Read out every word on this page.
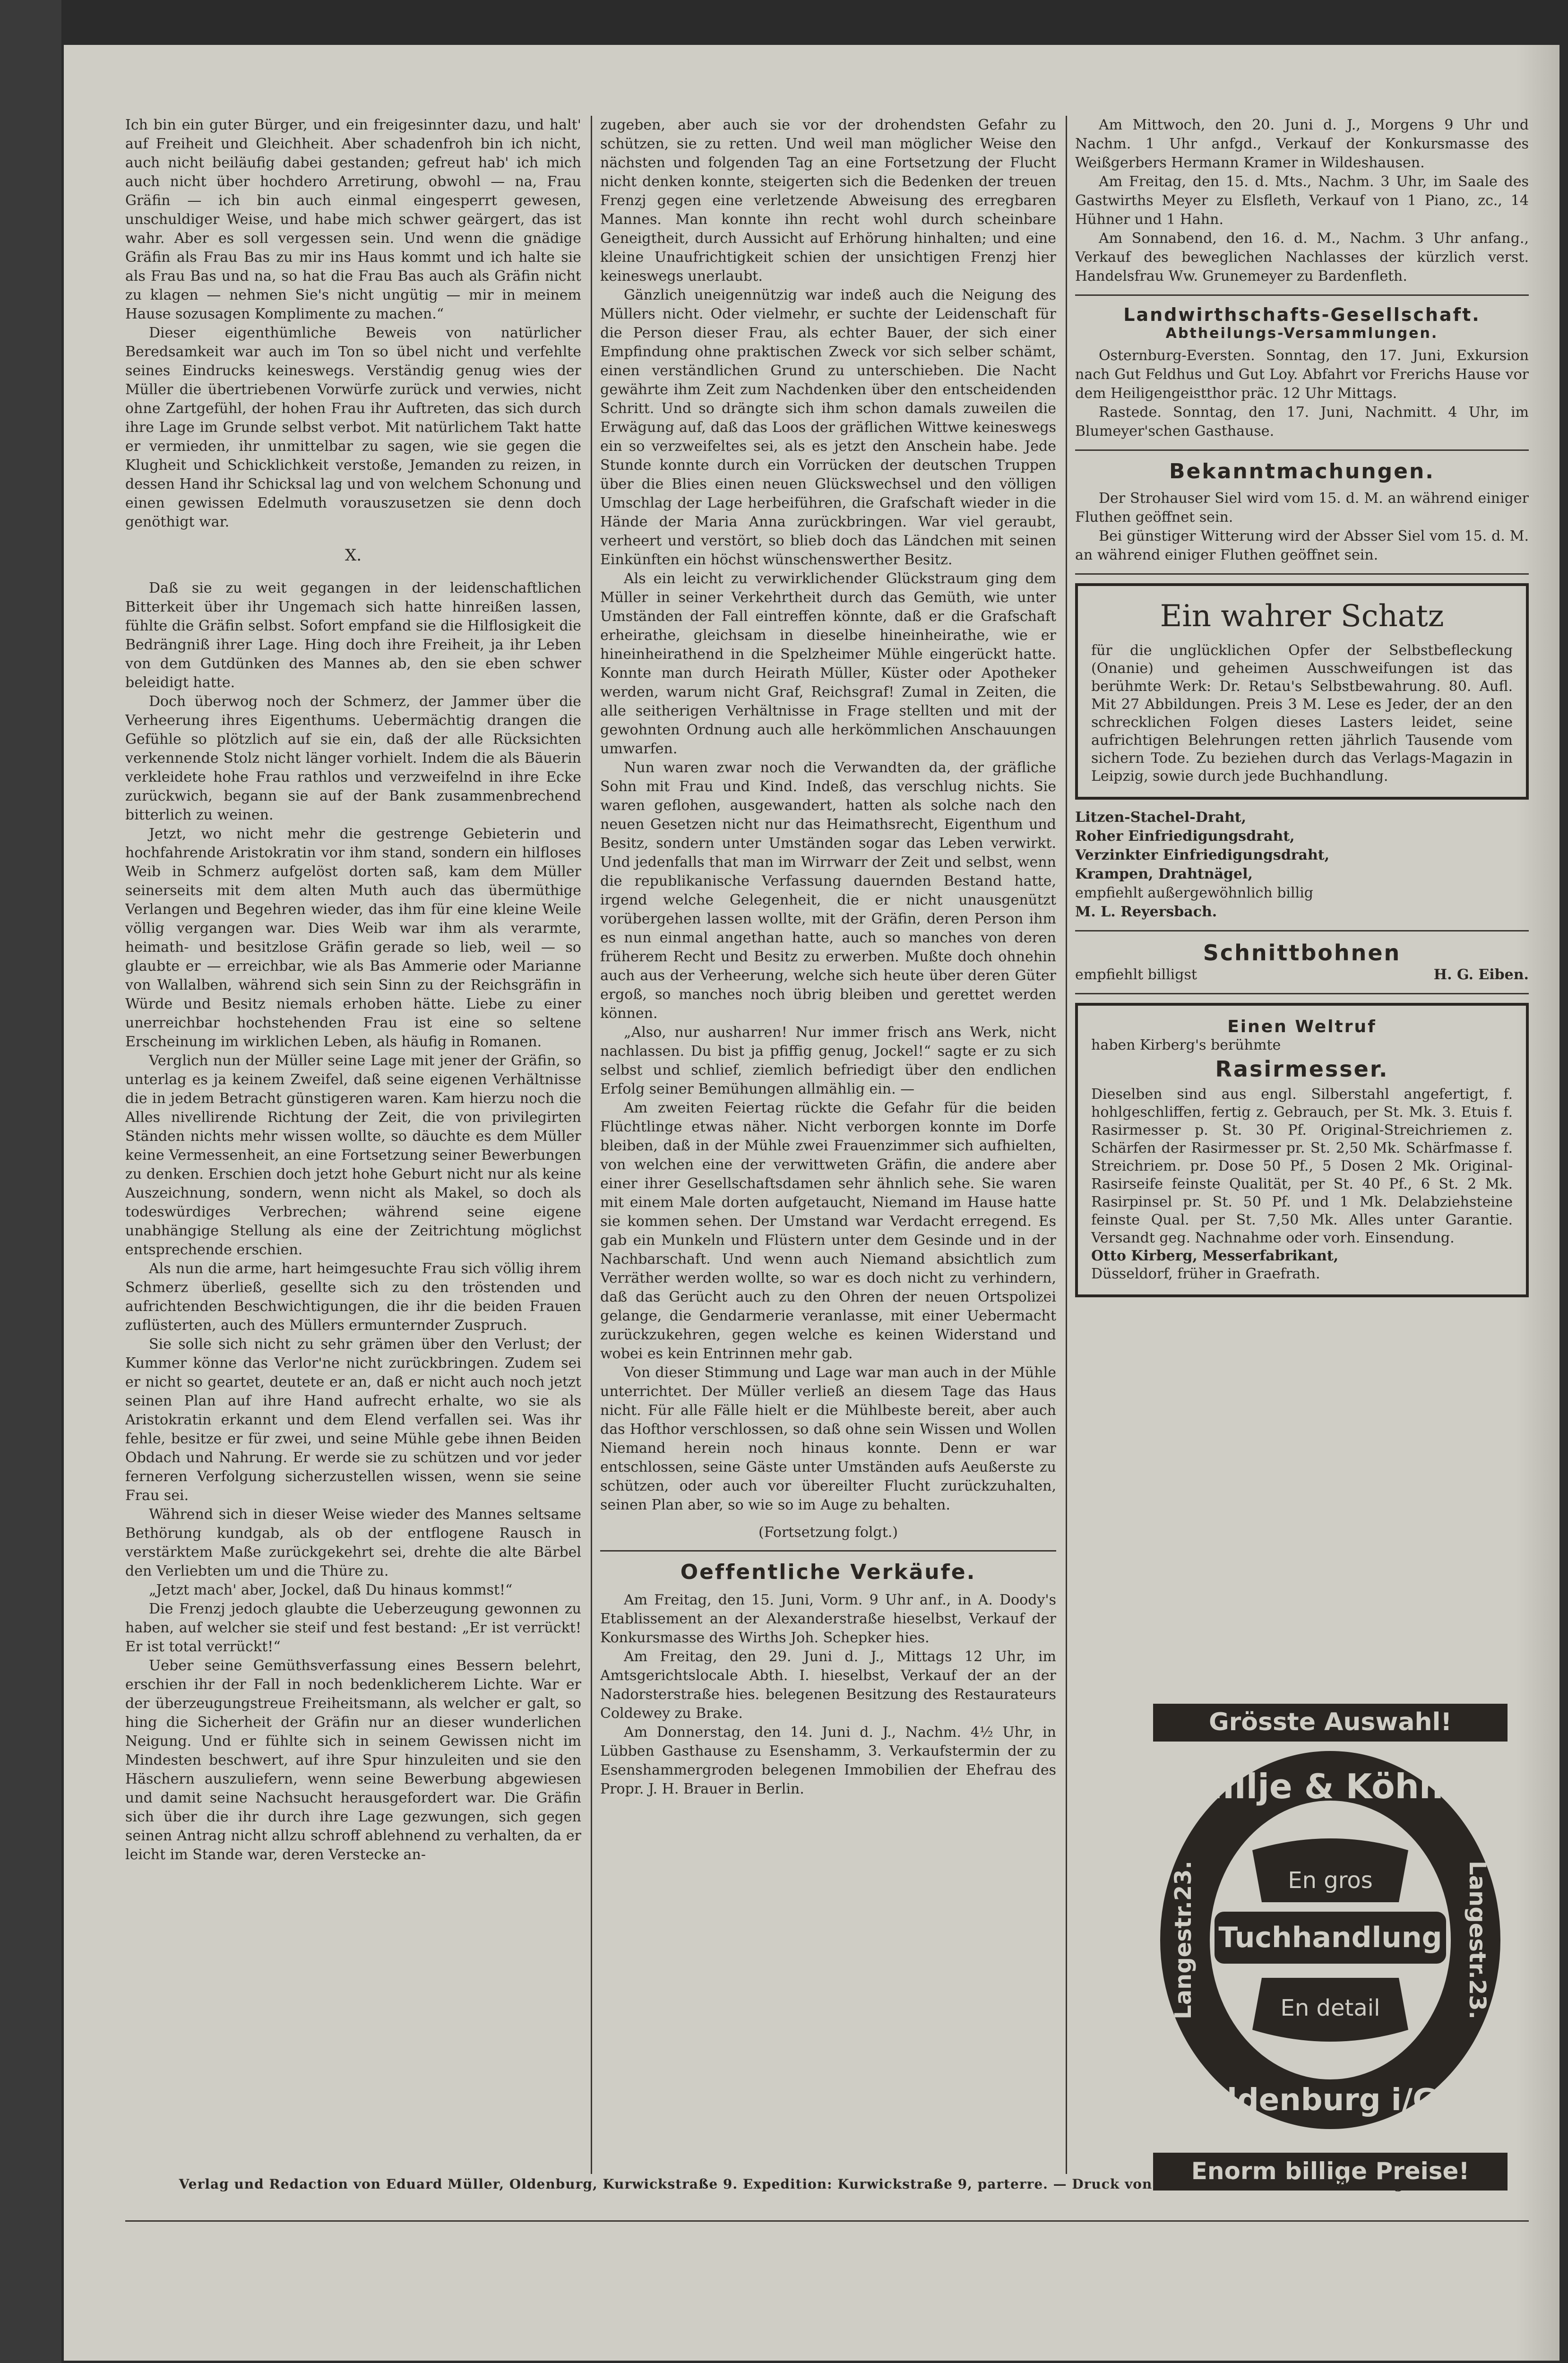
Ich bin ein guter Bürger, und ein freigesinnter dazu, und halt' auf Freiheit und Gleichheit. Aber schadenfroh bin ich nicht, auch nicht beiläufig dabei gestanden; gefreut hab' ich mich auch nicht über hochdero Arretirung, obwohl — na, Frau Gräfin — ich bin auch einmal eingesperrt gewesen, unschuldiger Weise, und habe mich schwer geärgert, das ist wahr. Aber es soll vergessen sein. Und wenn die gnädige Gräfin als Frau Bas zu mir ins Haus kommt und ich halte sie als Frau Bas und na, so hat die Frau Bas auch als Gräfin nicht zu klagen — nehmen Sie's nicht ungütig — mir in meinem Hause sozusagen Komplimente zu machen.“

Dieser eigenthümliche Beweis von natürlicher Beredsamkeit war auch im Ton so übel nicht und verfehlte seines Eindrucks keineswegs. Verständig genug wies der Müller die übertriebenen Vorwürfe zurück und verwies, nicht ohne Zartgefühl, der hohen Frau ihr Auftreten, das sich durch ihre Lage im Grunde selbst verbot. Mit natürlichem Takt hatte er vermieden, ihr unmittelbar zu sagen, wie sie gegen die Klugheit und Schicklichkeit verstoße, Jemanden zu reizen, in dessen Hand ihr Schicksal lag und von welchem Schonung und einen gewissen Edelmuth vorauszusetzen sie denn doch genöthigt war.

X.

Daß sie zu weit gegangen in der leidenschaftlichen Bitterkeit über ihr Ungemach sich hatte hinreißen lassen, fühlte die Gräfin selbst. Sofort empfand sie die Hilflosigkeit die Bedrängniß ihrer Lage. Hing doch ihre Freiheit, ja ihr Leben von dem Gutdünken des Mannes ab, den sie eben schwer beleidigt hatte.

Doch überwog noch der Schmerz, der Jammer über die Verheerung ihres Eigenthums. Uebermächtig drangen die Gefühle so plötzlich auf sie ein, daß der alle Rücksichten verkennende Stolz nicht länger vorhielt. Indem die als Bäuerin verkleidete hohe Frau rathlos und verzweifelnd in ihre Ecke zurückwich, begann sie auf der Bank zusammenbrechend bitterlich zu weinen.

Jetzt, wo nicht mehr die gestrenge Gebieterin und hochfahrende Aristokratin vor ihm stand, sondern ein hilfloses Weib in Schmerz aufgelöst dorten saß, kam dem Müller seinerseits mit dem alten Muth auch das übermüthige Verlangen und Begehren wieder, das ihm für eine kleine Weile völlig vergangen war. Dies Weib war ihm als verarmte, heimath- und besitzlose Gräfin gerade so lieb, weil — so glaubte er — erreichbar, wie als Bas Ammerie oder Marianne von Wallalben, während sich sein Sinn zu der Reichsgräfin in Würde und Besitz niemals erhoben hätte. Liebe zu einer unerreichbar hochstehenden Frau ist eine so seltene Erscheinung im wirklichen Leben, als häufig in Romanen.

Verglich nun der Müller seine Lage mit jener der Gräfin, so unterlag es ja keinem Zweifel, daß seine eigenen Verhältnisse die in jedem Betracht günstigeren waren. Kam hierzu noch die Alles nivellirende Richtung der Zeit, die von privilegirten Ständen nichts mehr wissen wollte, so däuchte es dem Müller keine Vermessenheit, an eine Fortsetzung seiner Bewerbungen zu denken. Erschien doch jetzt hohe Geburt nicht nur als keine Auszeichnung, sondern, wenn nicht als Makel, so doch als todeswürdiges Verbrechen; während seine eigene unabhängige Stellung als eine der Zeitrichtung möglichst entsprechende erschien.

Als nun die arme, hart heimgesuchte Frau sich völlig ihrem Schmerz überließ, gesellte sich zu den tröstenden und aufrichtenden Beschwichtigungen, die ihr die beiden Frauen zuflüsterten, auch des Müllers ermunternder Zuspruch.

Sie solle sich nicht zu sehr grämen über den Verlust; der Kummer könne das Verlor'ne nicht zurückbringen. Zudem sei er nicht so geartet, deutete er an, daß er nicht auch noch jetzt seinen Plan auf ihre Hand aufrecht erhalte, wo sie als Aristokratin erkannt und dem Elend verfallen sei. Was ihr fehle, besitze er für zwei, und seine Mühle gebe ihnen Beiden Obdach und Nahrung. Er werde sie zu schützen und vor jeder ferneren Verfolgung sicherzustellen wissen, wenn sie seine Frau sei.

Während sich in dieser Weise wieder des Mannes seltsame Bethörung kundgab, als ob der entflogene Rausch in verstärktem Maße zurückgekehrt sei, drehte die alte Bärbel den Verliebten um und die Thüre zu.

„Jetzt mach' aber, Jockel, daß Du hinaus kommst!“

Die Frenzj jedoch glaubte die Ueberzeugung gewonnen zu haben, auf welcher sie steif und fest bestand: „Er ist verrückt! Er ist total verrückt!“

Ueber seine Gemüthsverfassung eines Bessern belehrt, erschien ihr der Fall in noch bedenklicherem Lichte. War er der überzeugungstreue Freiheitsmann, als welcher er galt, so hing die Sicherheit der Gräfin nur an dieser wunderlichen Neigung. Und er fühlte sich in seinem Gewissen nicht im Mindesten beschwert, auf ihre Spur hinzuleiten und sie den Häschern auszuliefern, wenn seine Bewerbung abgewiesen und damit seine Nachsucht herausgefordert war. Die Gräfin sich über die ihr durch ihre Lage gezwungen, sich gegen seinen Antrag nicht allzu schroff ablehnend zu verhalten, da er leicht im Stande war, deren Verstecke an-

zugeben, aber auch sie vor der drohendsten Gefahr zu schützen, sie zu retten. Und weil man möglicher Weise den nächsten und folgenden Tag an eine Fortsetzung der Flucht nicht denken konnte, steigerten sich die Bedenken der treuen Frenzj gegen eine verletzende Abweisung des erregbaren Mannes. Man konnte ihn recht wohl durch scheinbare Geneigtheit, durch Aussicht auf Erhörung hinhalten; und eine kleine Unaufrichtigkeit schien der unsichtigen Frenzj hier keineswegs unerlaubt.

Gänzlich uneigennützig war indeß auch die Neigung des Müllers nicht. Oder vielmehr, er suchte der Leidenschaft für die Person dieser Frau, als echter Bauer, der sich einer Empfindung ohne praktischen Zweck vor sich selber schämt, einen verständlichen Grund zu unterschieben. Die Nacht gewährte ihm Zeit zum Nachdenken über den entscheidenden Schritt. Und so drängte sich ihm schon damals zuweilen die Erwägung auf, daß das Loos der gräflichen Wittwe keineswegs ein so verzweifeltes sei, als es jetzt den Anschein habe. Jede Stunde konnte durch ein Vorrücken der deutschen Truppen über die Blies einen neuen Glückswechsel und den völligen Umschlag der Lage herbeiführen, die Grafschaft wieder in die Hände der Maria Anna zurückbringen. War viel geraubt, verheert und verstört, so blieb doch das Ländchen mit seinen Einkünften ein höchst wünschenswerther Besitz.

Als ein leicht zu verwirklichender Glückstraum ging dem Müller in seiner Verkehrtheit durch das Gemüth, wie unter Umständen der Fall eintreffen könnte, daß er die Grafschaft erheirathe, gleichsam in dieselbe hineinheirathe, wie er hineinheirathend in die Spelzheimer Mühle eingerückt hatte. Konnte man durch Heirath Müller, Küster oder Apotheker werden, warum nicht Graf, Reichsgraf! Zumal in Zeiten, die alle seitherigen Verhältnisse in Frage stellten und mit der gewohnten Ordnung auch alle herkömmlichen Anschauungen umwarfen.

Nun waren zwar noch die Verwandten da, der gräfliche Sohn mit Frau und Kind. Indeß, das verschlug nichts. Sie waren geflohen, ausgewandert, hatten als solche nach den neuen Gesetzen nicht nur das Heimathsrecht, Eigenthum und Besitz, sondern unter Umständen sogar das Leben verwirkt. Und jedenfalls that man im Wirrwarr der Zeit und selbst, wenn die republikanische Verfassung dauernden Bestand hatte, irgend welche Gelegenheit, die er nicht unausgenützt vorübergehen lassen wollte, mit der Gräfin, deren Person ihm es nun einmal angethan hatte, auch so manches von deren früherem Recht und Besitz zu erwerben. Mußte doch ohnehin auch aus der Verheerung, welche sich heute über deren Güter ergoß, so manches noch übrig bleiben und gerettet werden können.

„Also, nur ausharren! Nur immer frisch ans Werk, nicht nachlassen. Du bist ja pfiffig genug, Jockel!“ sagte er zu sich selbst und schlief, ziemlich befriedigt über den endlichen Erfolg seiner Bemühungen allmählig ein. —

Am zweiten Feiertag rückte die Gefahr für die beiden Flüchtlinge etwas näher. Nicht verborgen konnte im Dorfe bleiben, daß in der Mühle zwei Frauenzimmer sich aufhielten, von welchen eine der verwittweten Gräfin, die andere aber einer ihrer Gesellschaftsdamen sehr ähnlich sehe. Sie waren mit einem Male dorten aufgetaucht, Niemand im Hause hatte sie kommen sehen. Der Umstand war Verdacht erregend. Es gab ein Munkeln und Flüstern unter dem Gesinde und in der Nachbarschaft. Und wenn auch Niemand absichtlich zum Verräther werden wollte, so war es doch nicht zu verhindern, daß das Gerücht auch zu den Ohren der neuen Ortspolizei gelange, die Gendarmerie veranlasse, mit einer Uebermacht zurückzukehren, gegen welche es keinen Widerstand und wobei es kein Entrinnen mehr gab.

Von dieser Stimmung und Lage war man auch in der Mühle unterrichtet. Der Müller verließ an diesem Tage das Haus nicht. Für alle Fälle hielt er die Mühlbeste bereit, aber auch das Hofthor verschlossen, so daß ohne sein Wissen und Wollen Niemand herein noch hinaus konnte. Denn er war entschlossen, seine Gäste unter Umständen aufs Aeußerste zu schützen, oder auch vor übereilter Flucht zurückzuhalten, seinen Plan aber, so wie so im Auge zu behalten.

(Fortsetzung folgt.)
Oeffentliche Verkäufe.

Am Freitag, den 15. Juni, Vorm. 9 Uhr anf., in A. Doody's Etablissement an der Alexanderstraße hieselbst, Verkauf der Konkursmasse des Wirths Joh. Schepker hies.

Am Freitag, den 29. Juni d. J., Mittags 12 Uhr, im Amtsgerichtslocale Abth. I. hieselbst, Verkauf der an der Nadorsterstraße hies. belegenen Besitzung des Restaurateurs Coldewey zu Brake.

Am Donnerstag, den 14. Juni d. J., Nachm. 4½ Uhr, in Lübben Gasthause zu Esenshamm, 3. Verkaufstermin der zu Esenshammergroden belegenen Immobilien der Ehefrau des Propr. J. H. Brauer in Berlin.

Am Mittwoch, den 20. Juni d. J., Morgens 9 Uhr und Nachm. 1 Uhr anfgd., Verkauf der Konkursmasse des Weißgerbers Hermann Kramer in Wildeshausen.

Am Freitag, den 15. d. Mts., Nachm. 3 Uhr, im Saale des Gastwirths Meyer zu Elsfleth, Verkauf von 1 Piano, zc., 14 Hühner und 1 Hahn.

Am Sonnabend, den 16. d. M., Nachm. 3 Uhr anfang., Verkauf des beweglichen Nachlasses der kürzlich verst. Handelsfrau Ww. Grunemeyer zu Bardenfleth.

Landwirthschafts-Gesellschaft.
Abtheilungs-Versammlungen.

Osternburg-Eversten. Sonntag, den 17. Juni, Exkursion nach Gut Feldhus und Gut Loy. Abfahrt vor Frerichs Hause vor dem Heiligengeistthor präc. 12 Uhr Mittags.

Rastede. Sonntag, den 17. Juni, Nachmitt. 4 Uhr, im Blumeyer'schen Gasthause.

Bekanntmachungen.

Der Strohauser Siel wird vom 15. d. M. an während einiger Fluthen geöffnet sein.

Bei günstiger Witterung wird der Absser Siel vom 15. d. M. an während einiger Fluthen geöffnet sein.

Ein wahrer Schatz

für die unglücklichen Opfer der Selbstbefleckung (Onanie) und geheimen Ausschweifungen ist das berühmte Werk: Dr. Retau's Selbstbewahrung. 80. Aufl. Mit 27 Abbildungen. Preis 3 M. Lese es Jeder, der an den schrecklichen Folgen dieses Lasters leidet, seine aufrichtigen Belehrungen retten jährlich Tausende vom sichern Tode. Zu beziehen durch das Verlags-Magazin in Leipzig, sowie durch jede Buchhandlung.

Litzen-Stachel-Draht,

Roher Einfriedigungsdraht,

Verzinkter Einfriedigungsdraht,

Krampen, Drahtnägel,

empfiehlt außergewöhnlich billig

M. L. Reyersbach.

Schnittbohnen

empfiehlt billigst	H. G. Eiben.

Einen Weltruf

haben Kirberg's berühmte

Rasirmesser.

Dieselben sind aus engl. Silberstahl angefertigt, f. hohlgeschliffen, fertig z. Gebrauch, per St. Mk. 3. Etuis f. Rasirmesser p. St. 30 Pf. Original-Streichriemen z. Schärfen der Rasirmesser pr. St. 2,50 Mk. Schärfmasse f. Streichriem. pr. Dose 50 Pf., 5 Dosen 2 Mk. Original-Rasirseife feinste Qualität, per St. 40 Pf., 6 St. 2 Mk. Rasirpinsel pr. St. 50 Pf. und 1 Mk. Delabziehsteine feinste Qual. per St. 7,50 Mk. Alles unter Garantie. Versandt geg. Nachnahme oder vorh. Einsendung.

Otto Kirberg, Messerfabrikant,

Düsseldorf, früher in Graefrath.

Grösste Auswahl!
Hillje & Köhne
Oldenburg i/Gr.
Langestr.23.	Langestr.23.
En gros
Tuchhandlung
En detail
Enorm billige Preise!
Verlag und Redaction von Eduard Müller, Oldenburg, Kurwickstraße 9. Expedition: Kurwickstraße 9, parterre. — Druck von Büttner & Winter in Oldenburg.
